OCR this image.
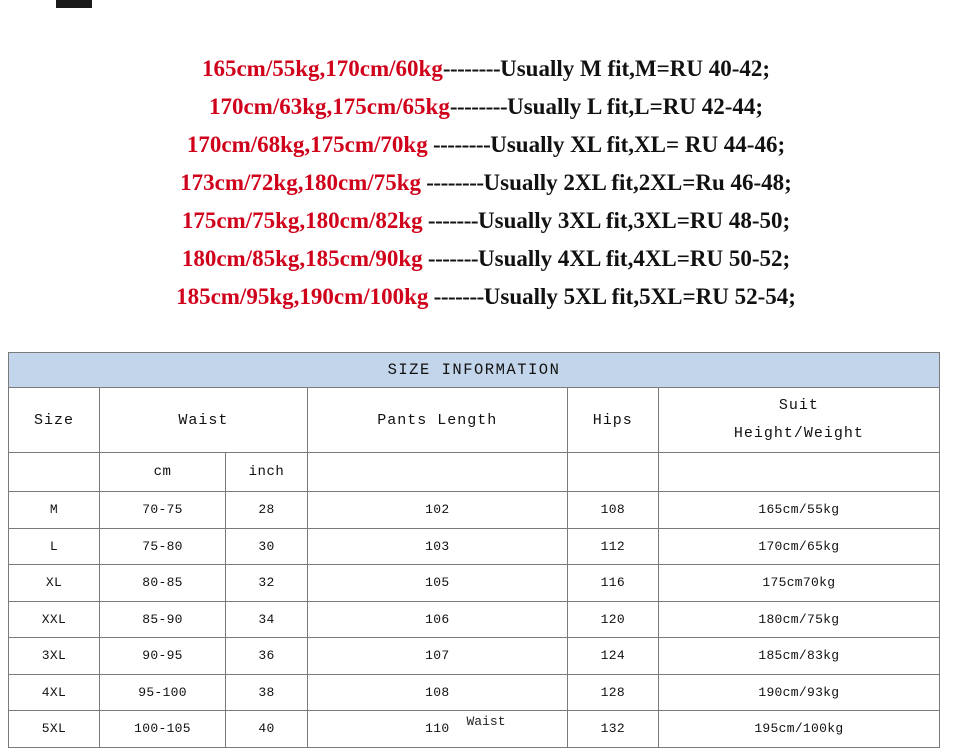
165cm/55kg,170cm/60kg--------Usually M fit,M=RU 40-42;
170cm/63kg,175cm/65kg--------Usually L fit,L=RU 42-44;
170cm/68kg,175cm/70kg --------Usually XL fit,XL= RU 44-46;
173cm/72kg,180cm/75kg --------Usually 2XL fit,2XL=Ru 46-48;
175cm/75kg,180cm/82kg -------Usually 3XL fit,3XL=RU 48-50;
180cm/85kg,185cm/90kg -------Usually 4XL fit,4XL=RU 50-52;
185cm/95kg,190cm/100kg -------Usually 5XL fit,5XL=RU 52-54;
SIZE INFORMATION					
Size	Waist		Pants Length	Hips	Suit
Height/Weight

	cm	inch			
M	70-75	28	102	108	165cm/55kg
L	75-80	30	103	112	170cm/65kg
XL	80-85	32	105	116	175cm70kg
XXL	85-90	34	106	120	180cm/75kg
3XL	90-95	36	107	124	185cm/83kg
4XL	95-100	38	108	128	190cm/93kg
5XL	100-105	40	110	132	195cm/100kg
Waist
